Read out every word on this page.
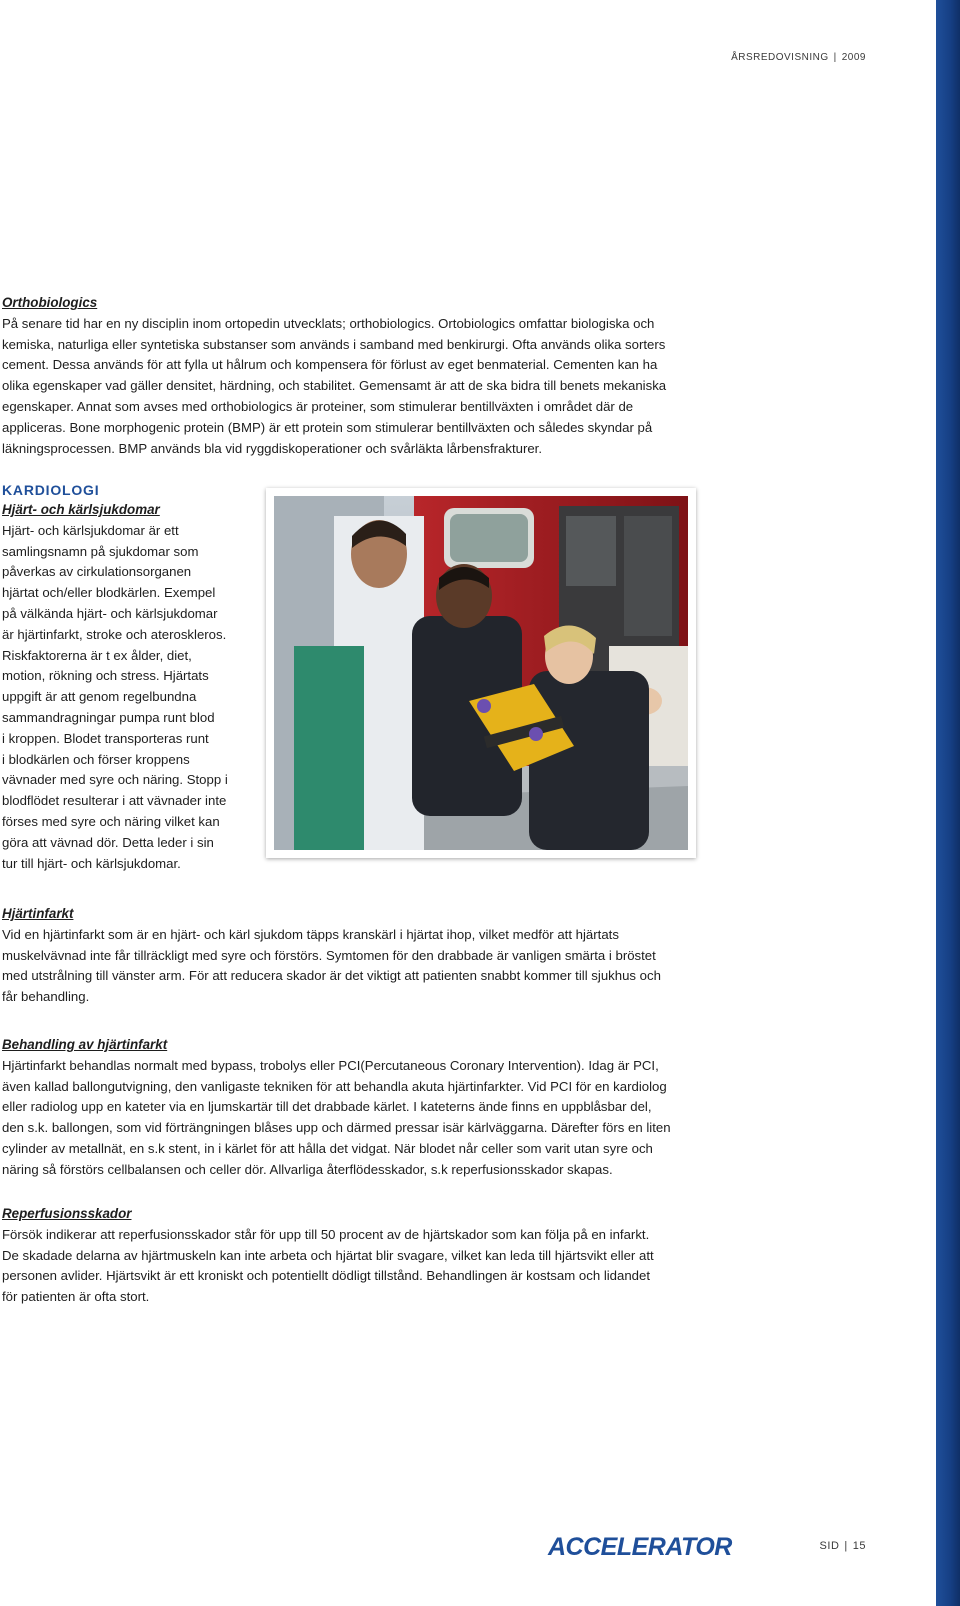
ÅRSREDOVISNING | 2009
Orthobiologics

På senare tid har en ny disciplin inom ortopedin utvecklats; orthobiologics. Ortobiologics omfattar biologiska och
kemiska, naturliga eller syntetiska substanser som används i samband med benkirurgi. Ofta används olika sorters
cement. Dessa används för att fylla ut hålrum och kompensera för förlust av eget benmaterial. Cementen kan ha
olika egenskaper vad gäller densitet, härdning, och stabilitet. Gemensamt är att de ska bidra till benets mekaniska
egenskaper. Annat som avses med orthobiologics är proteiner, som stimulerar bentillväxten i området där de
appliceras. Bone morphogenic protein (BMP) är ett protein som stimulerar bentillväxten och således skyndar på
läkningsprocessen. BMP används bla vid ryggdiskoperationer och svårläkta lårbensfrakturer.

KARDIOLOGI
Hjärt- och kärlsjukdomar

Hjärt- och kärlsjukdomar är ett
samlingsnamn på sjukdomar som
påverkas av cirkulationsorganen
hjärtat och/eller blodkärlen. Exempel
på välkända hjärt- och kärlsjukdomar
är hjärtinfarkt, stroke och ateroskleros.
Riskfaktorerna är t ex ålder, diet,
motion, rökning och stress. Hjärtats
uppgift är att genom regelbundna
sammandragningar pumpa runt blod
i kroppen. Blodet transporteras runt
i blodkärlen och förser kroppens
vävnader med syre och näring. Stopp i
blodflödet resulterar i att vävnader inte
förses med syre och näring vilket kan
göra att vävnad dör. Detta leder i sin
tur till hjärt- och kärlsjukdomar.

Hjärtinfarkt

Vid en hjärtinfarkt som är en hjärt- och kärl sjukdom täpps kranskärl i hjärtat ihop, vilket medför att hjärtats
muskelvävnad inte får tillräckligt med syre och förstörs. Symtomen för den drabbade är vanligen smärta i bröstet
med utstrålning till vänster arm. För att reducera skador är det viktigt att patienten snabbt kommer till sjukhus och
får behandling.

Behandling av hjärtinfarkt

Hjärtinfarkt behandlas normalt med bypass, trobolys eller PCI(Percutaneous Coronary Intervention). Idag är PCI,
även kallad ballongutvigning, den vanligaste tekniken för att behandla akuta hjärtinfarkter. Vid PCI för en kardiolog
eller radiolog upp en kateter via en ljumskartär till det drabbade kärlet. I kateterns ände finns en uppblåsbar del,
den s.k. ballongen, som vid förträngningen blåses upp och därmed pressar isär kärlväggarna. Därefter förs en liten
cylinder av metallnät, en s.k stent, in i kärlet för att hålla det vidgat. När blodet når celler som varit utan syre och
näring så förstörs cellbalansen och celler dör. Allvarliga återflödesskador, s.k reperfusionsskador skapas.

Reperfusionsskador

Försök indikerar att reperfusionsskador står för upp till 50 procent av de hjärtskador som kan följa på en infarkt.
De skadade delarna av hjärtmuskeln kan inte arbeta och hjärtat blir svagare, vilket kan leda till hjärtsvikt eller att
personen avlider. Hjärtsvikt är ett kroniskt och potentiellt dödligt tillstånd. Behandlingen är kostsam och lidandet
för patienten är ofta stort.

ACCELERATOR	SID | 15
